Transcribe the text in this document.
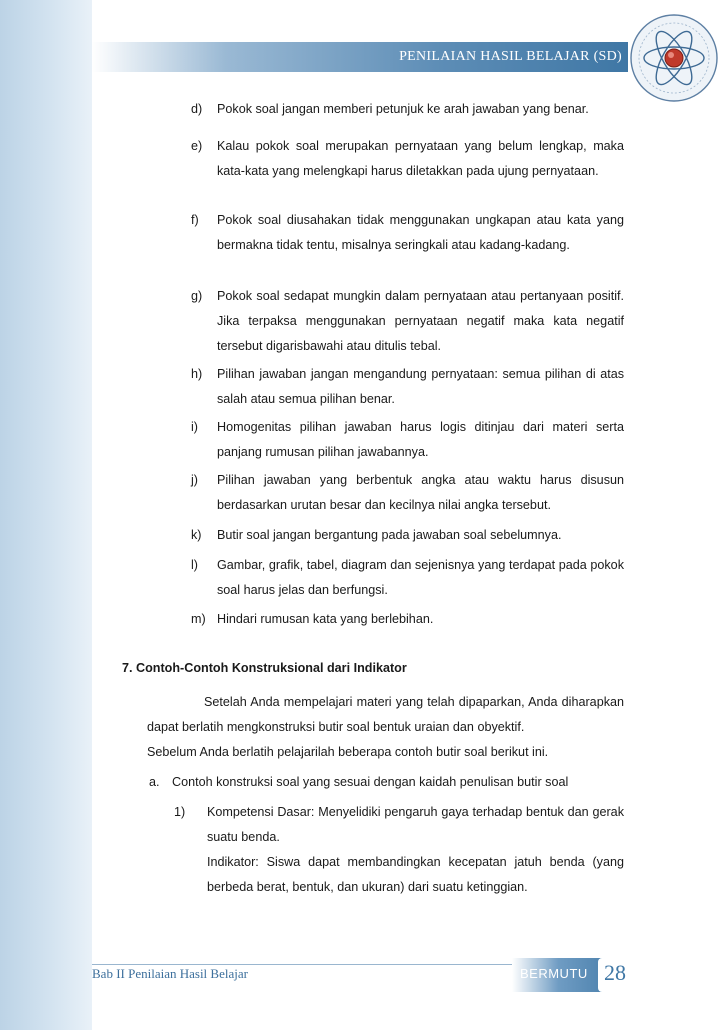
PENILAIAN HASIL BELAJAR (SD)
d) Pokok soal jangan memberi petunjuk ke arah jawaban yang benar.
e) Kalau pokok soal merupakan pernyataan yang belum lengkap, maka kata-kata yang melengkapi harus diletakkan pada ujung pernyataan.
f) Pokok soal diusahakan tidak menggunakan ungkapan atau kata yang bermakna tidak tentu, misalnya seringkali atau kadang-kadang.
g) Pokok soal sedapat mungkin dalam pernyataan atau pertanyaan positif. Jika terpaksa menggunakan pernyataan negatif maka kata negatif tersebut digarisbawahi atau ditulis tebal.
h) Pilihan jawaban jangan mengandung pernyataan: semua pilihan di atas salah atau semua pilihan benar.
i) Homogenitas pilihan jawaban harus logis ditinjau dari materi serta panjang rumusan pilihan jawabannya.
j) Pilihan jawaban yang berbentuk angka atau waktu harus disusun berdasarkan urutan besar dan kecilnya nilai angka tersebut.
k) Butir soal jangan bergantung pada jawaban soal sebelumnya.
l) Gambar, grafik, tabel, diagram dan sejenisnya yang terdapat pada pokok soal harus jelas dan berfungsi.
m) Hindari rumusan kata yang berlebihan.
7. Contoh-Contoh Konstruksional dari Indikator

Setelah Anda mempelajari materi yang telah dipaparkan, Anda diharapkan dapat berlatih mengkonstruksi butir soal bentuk uraian dan obyektif.

Sebelum Anda berlatih pelajarilah beberapa contoh butir soal berikut ini.

a. Contoh konstruksi soal yang sesuai dengan kaidah penulisan butir soal
1) Kompetensi Dasar: Menyelidiki pengaruh gaya terhadap bentuk dan gerak suatu benda.
Indikator: Siswa dapat membandingkan kecepatan jatuh benda (yang berbeda berat, bentuk, dan ukuran) dari suatu ketinggian.
Bab II Penilaian Hasil Belajar	BERMUTU 28
